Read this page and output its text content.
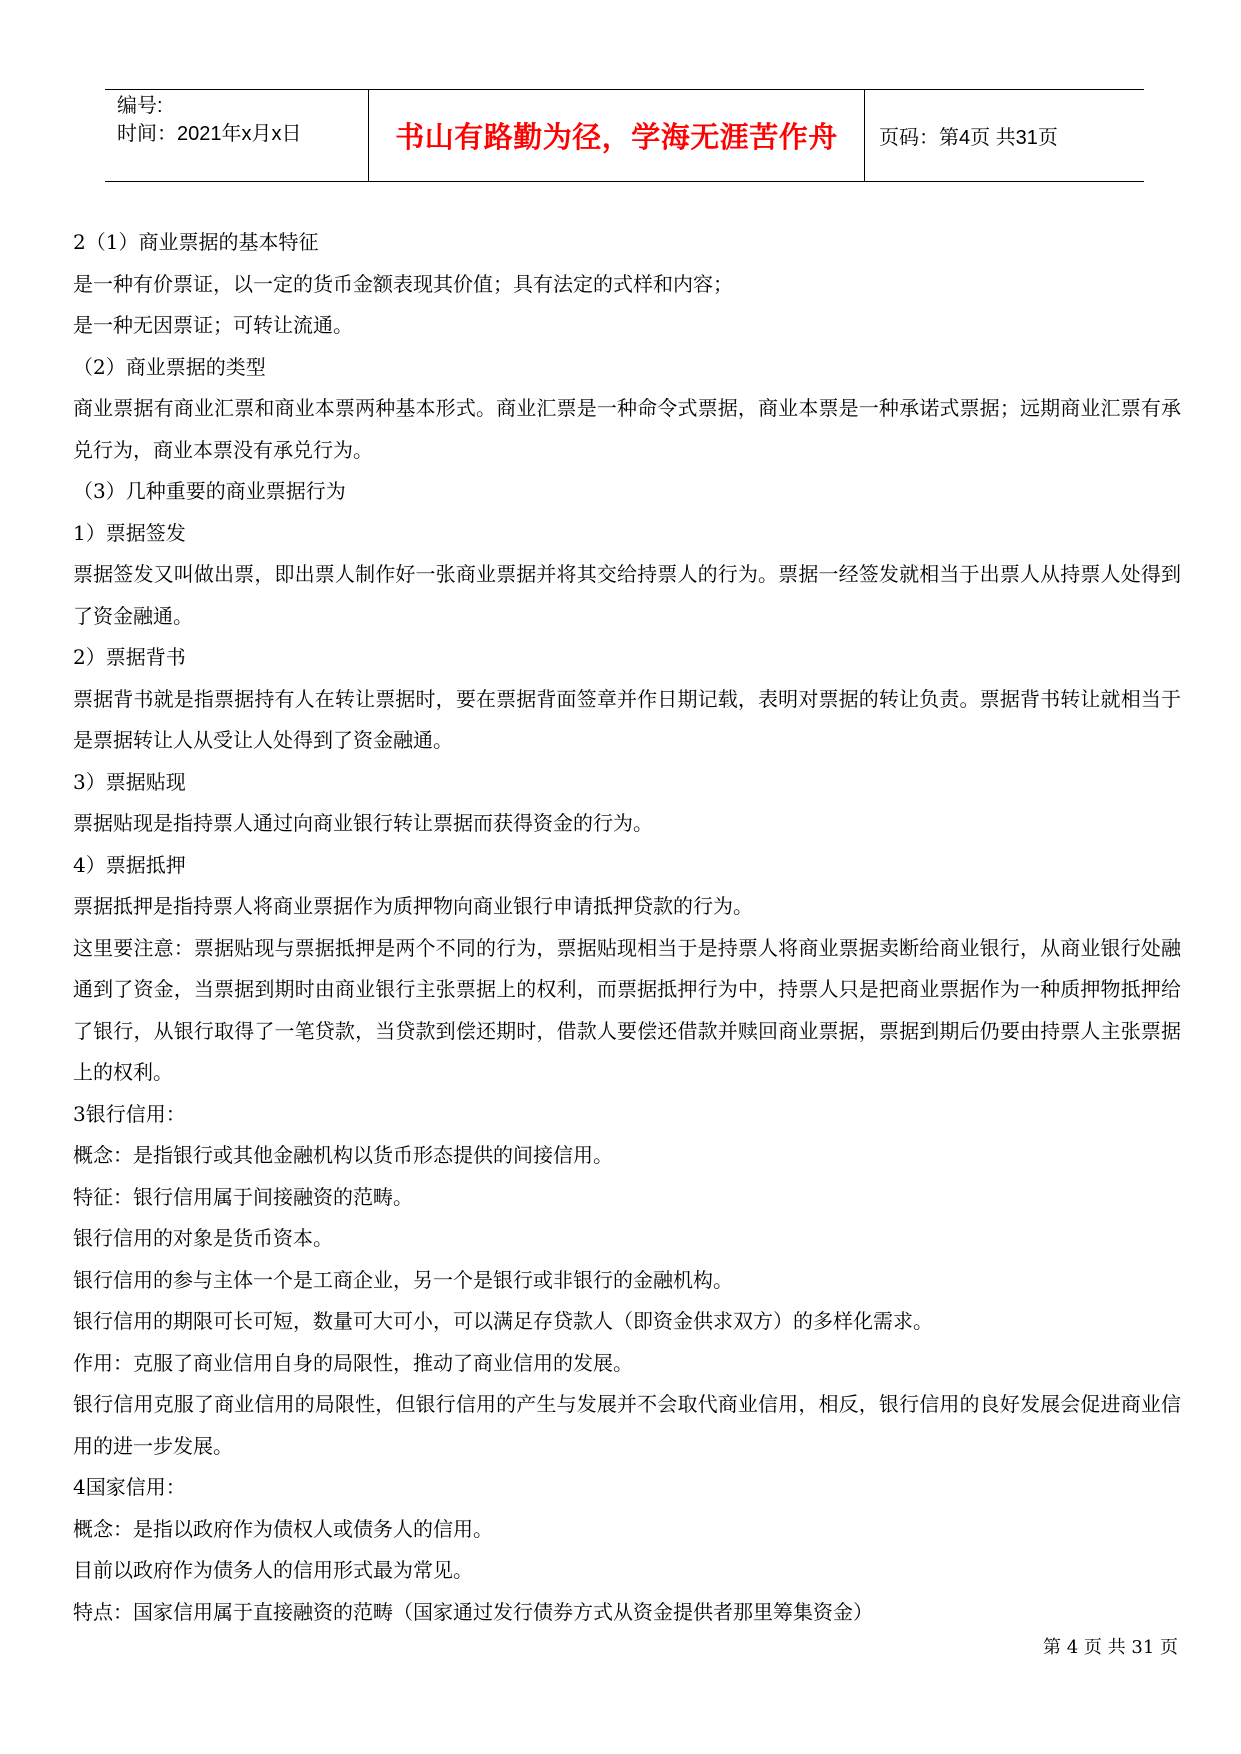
编号:
时间：2021年x月x日	书山有路勤为径，学海无涯苦作舟 页码：第4页 共31页

2（1）商业票据的基本特征

是一种有价票证，以一定的货币金额表现其价值；具有法定的式样和内容；

是一种无因票证；可转让流通。

（2）商业票据的类型

商业票据有商业汇票和商业本票两种基本形式。商业汇票是一种命令式票据，商业本票是一种承诺式票据；远期商业汇票有承兑行为，商业本票没有承兑行为。

（3）几种重要的商业票据行为

1）票据签发

票据签发又叫做出票，即出票人制作好一张商业票据并将其交给持票人的行为。票据一经签发就相当于出票人从持票人处得到了资金融通。

2）票据背书

票据背书就是指票据持有人在转让票据时，要在票据背面签章并作日期记载，表明对票据的转让负责。票据背书转让就相当于是票据转让人从受让人处得到了资金融通。

3）票据贴现

票据贴现是指持票人通过向商业银行转让票据而获得资金的行为。

4）票据抵押

票据抵押是指持票人将商业票据作为质押物向商业银行申请抵押贷款的行为。

这里要注意：票据贴现与票据抵押是两个不同的行为，票据贴现相当于是持票人将商业票据卖断给商业银行，从商业银行处融通到了资金，当票据到期时由商业银行主张票据上的权利，而票据抵押行为中，持票人只是把商业票据作为一种质押物抵押给了银行，从银行取得了一笔贷款，当贷款到偿还期时，借款人要偿还借款并赎回商业票据，票据到期后仍要由持票人主张票据上的权利。

3银行信用：

概念：是指银行或其他金融机构以货币形态提供的间接信用。

特征：银行信用属于间接融资的范畴。

银行信用的对象是货币资本。

银行信用的参与主体一个是工商企业，另一个是银行或非银行的金融机构。

银行信用的期限可长可短，数量可大可小，可以满足存贷款人（即资金供求双方）的多样化需求。

作用：克服了商业信用自身的局限性，推动了商业信用的发展。

银行信用克服了商业信用的局限性，但银行信用的产生与发展并不会取代商业信用，相反，银行信用的良好发展会促进商业信用的进一步发展。

4国家信用：

概念：是指以政府作为债权人或债务人的信用。

目前以政府作为债务人的信用形式最为常见。

特点：国家信用属于直接融资的范畴（国家通过发行债券方式从资金提供者那里筹集资金）

第 4 页 共 31 页
